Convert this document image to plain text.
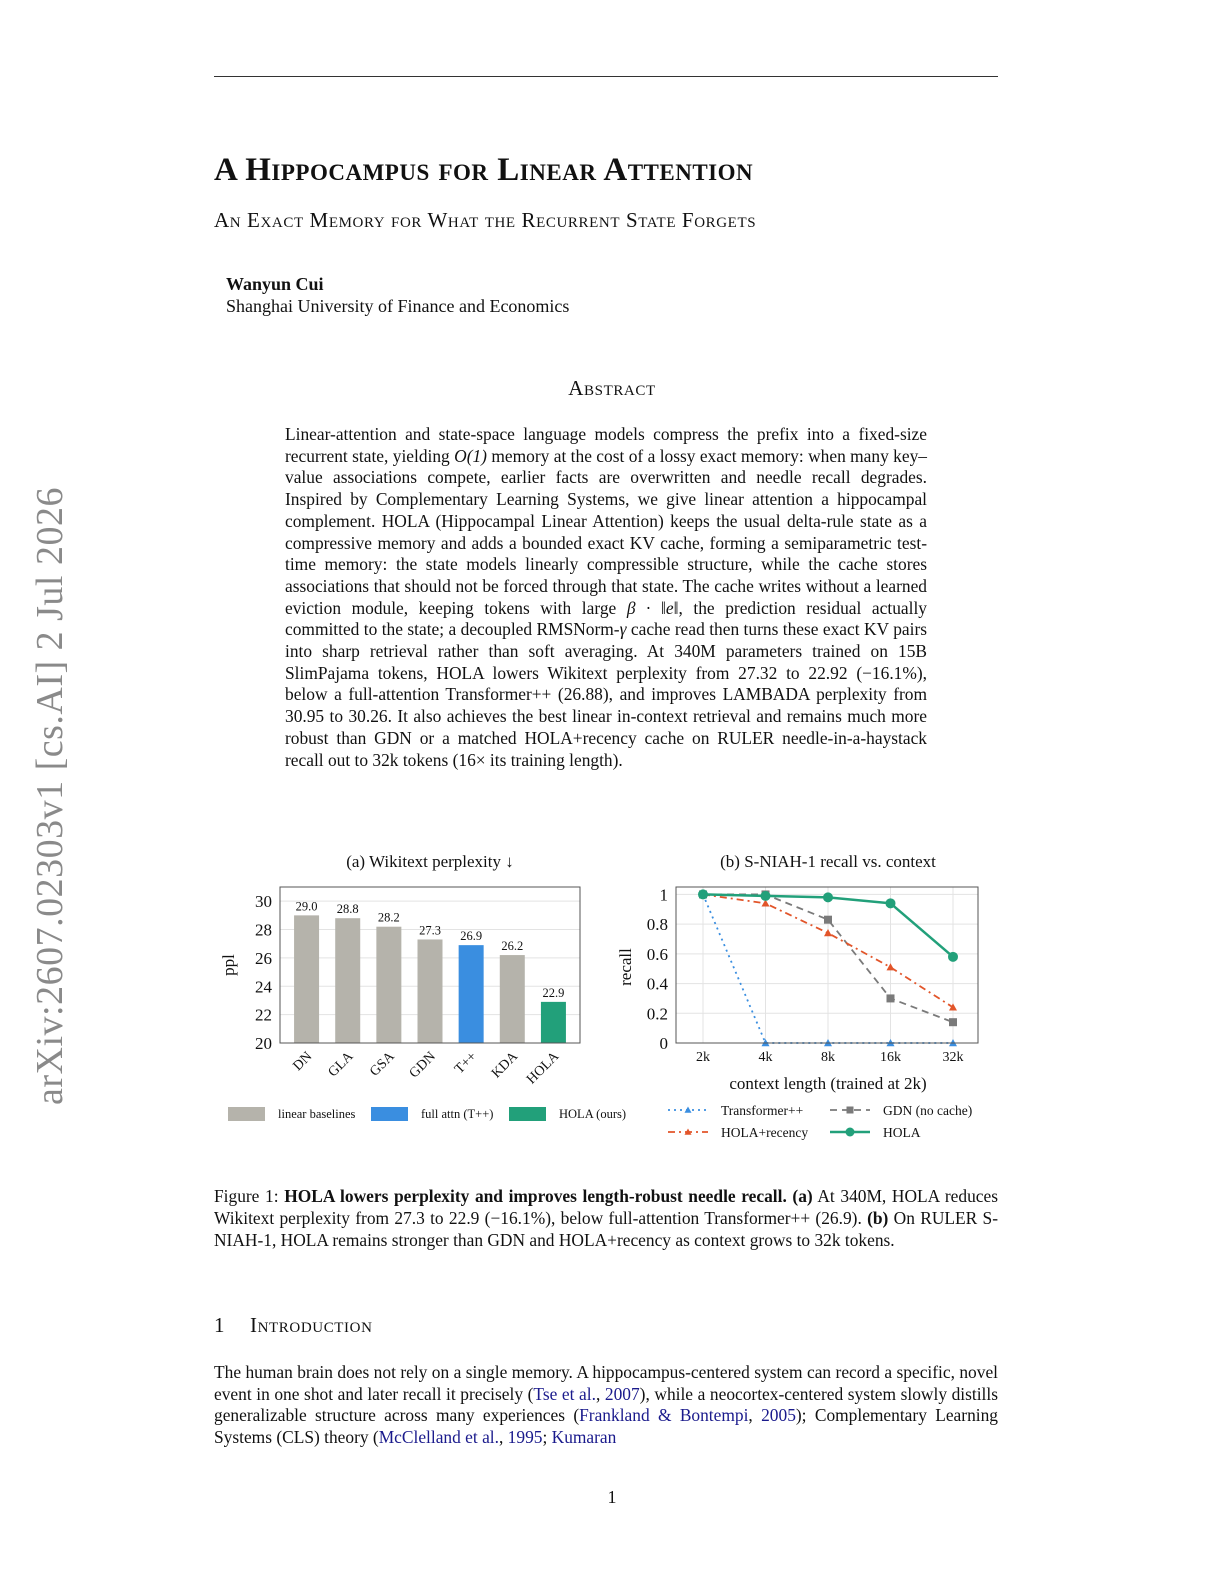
arXiv:2607.02303v1 [cs.AI] 2 Jul 2026
A Hippocampus for Linear Attention
An Exact Memory for What the Recurrent State Forgets
Wanyun Cui
Shanghai University of Finance and Economics
Abstract
Linear-attention and state-space language models compress the prefix into a fixed-size recurrent state, yielding O(1) memory at the cost of a lossy exact memory: when many key–value associations compete, earlier facts are overwritten and needle recall degrades. Inspired by Complementary Learning Systems, we give linear attention a hippocampal complement. HOLA (Hippocampal Linear Attention) keeps the usual delta-rule state as a compressive memory and adds a bounded exact KV cache, forming a semiparametric test-time memory: the state models linearly compressible structure, while the cache stores associations that should not be forced through that state. The cache writes without a learned eviction module, keeping tokens with large β · ‖e‖, the prediction residual actually committed to the state; a decoupled RMSNorm-γ cache read then turns these exact KV pairs into sharp retrieval rather than soft averaging. At 340M parameters trained on 15B SlimPajama tokens, HOLA lowers Wikitext perplexity from 27.32 to 22.92 (−16.1%), below a full-attention Transformer++ (26.88), and improves LAMBADA perplexity from 30.95 to 30.26. It also achieves the best linear in-context retrieval and remains much more robust than GDN or a matched HOLA+recency cache on RULER needle-in-a-haystack recall out to 32k tokens (16× its training length).
(a) Wikitext perplexity ↓
20
22
24
26
28
30
ppl
29.0
DN
28.8
GLA
28.2
GSA
27.3
GDN
26.9
T++
26.2
KDA
22.9
HOLA
linear baselines	full attn (T++)	HOLA (ours)
(b) S-NIAH-1 recall vs. context
0
0.2
0.4
0.6
0.8
1
2k	4k	8k	16k	32k
recall
context length (trained at 2k)
Transformer++	GDN (no cache)
HOLA+recency	HOLA
Figure 1: HOLA lowers perplexity and improves length-robust needle recall. (a) At 340M, HOLA reduces Wikitext perplexity from 27.3 to 22.9 (−16.1%), below full-attention Transformer++ (26.9). (b) On RULER S-NIAH-1, HOLA remains stronger than GDN and HOLA+recency as context grows to 32k tokens.
1 Introduction
The human brain does not rely on a single memory. A hippocampus-centered system can record a specific, novel event in one shot and later recall it precisely (Tse et al., 2007), while a neocortex-centered system slowly distills generalizable structure across many experiences (Frankland & Bontempi, 2005); Complementary Learning Systems (CLS) theory (McClelland et al., 1995; Kumaran
1
